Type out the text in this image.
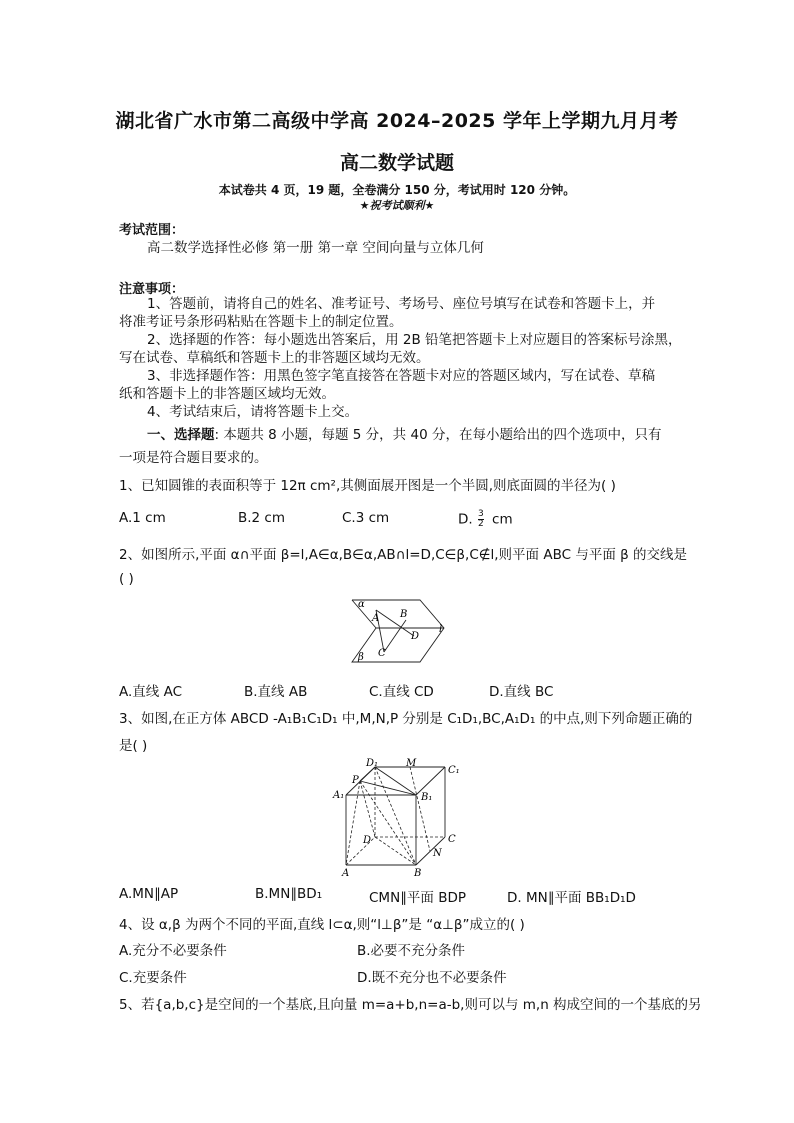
湖北省广水市第二高级中学高 2024–2025 学年上学期九月月考
高二数学试题
本试卷共 4 页，19 题，全卷满分 150 分，考试用时 120 分钟。
★祝考试顺利★
考试范围：
高二数学选择性必修 第一册 第一章 空间向量与立体几何
注意事项：
1、答题前，请将自己的姓名、准考证号、考场号、座位号填写在试卷和答题卡上，并
将准考证号条形码粘贴在答题卡上的制定位置。
2、选择题的作答：每小题选出答案后，用 2B 铅笔把答题卡上对应题目的答案标号涂黑，
写在试卷、草稿纸和答题卡上的非答题区域均无效。
3、非选择题作答：用黑色签字笔直接答在答题卡对应的答题区域内，写在试卷、草稿
纸和答题卡上的非答题区域均无效。
4、考试结束后，请将答题卡上交。
一、选择题: 本题共 8 小题，每题 5 分，共 40 分，在每小题给出的四个选项中，只有
一项是符合题目要求的。
1、已知圆锥的表面积等于 12π cm²,其侧面展开图是一个半圆,则底面圆的半径为( )
A.1 cm	B.2 cm	C.3 cm	D. $\frac{3}{2}$ cm
2、如图所示,平面 α∩平面 β=l,A∈α,B∈α,AB∩l=D,C∈β,C∉l,则平面 ABC 与平面 β 的交线是
( )
α
A B
D
C
l
β
A.直线 AC	B.直线 AB	C.直线 CD	D.直线 BC
3、如图,在正方体 ABCD -A₁B₁C₁D₁ 中,M,N,P 分别是 C₁D₁,BC,A₁D₁ 的中点,则下列命题正确的
是( )
A₁
P
D₁	M
C₁
B₁
D	C
N
A	B
A.MN∥AP	B.MN∥BD₁	CMN∥平面 BDP	D. MN∥平面 BB₁D₁D
4、设 α,β 为两个不同的平面,直线 l⊂α,则“l⊥β”是 “α⊥β”成立的( )
A.充分不必要条件	B.必要不充分条件
C.充要条件	D.既不充分也不必要条件
5、若{a,b,c}是空间的一个基底,且向量 m=a+b,n=a-b,则可以与 m,n 构成空间的一个基底的另
